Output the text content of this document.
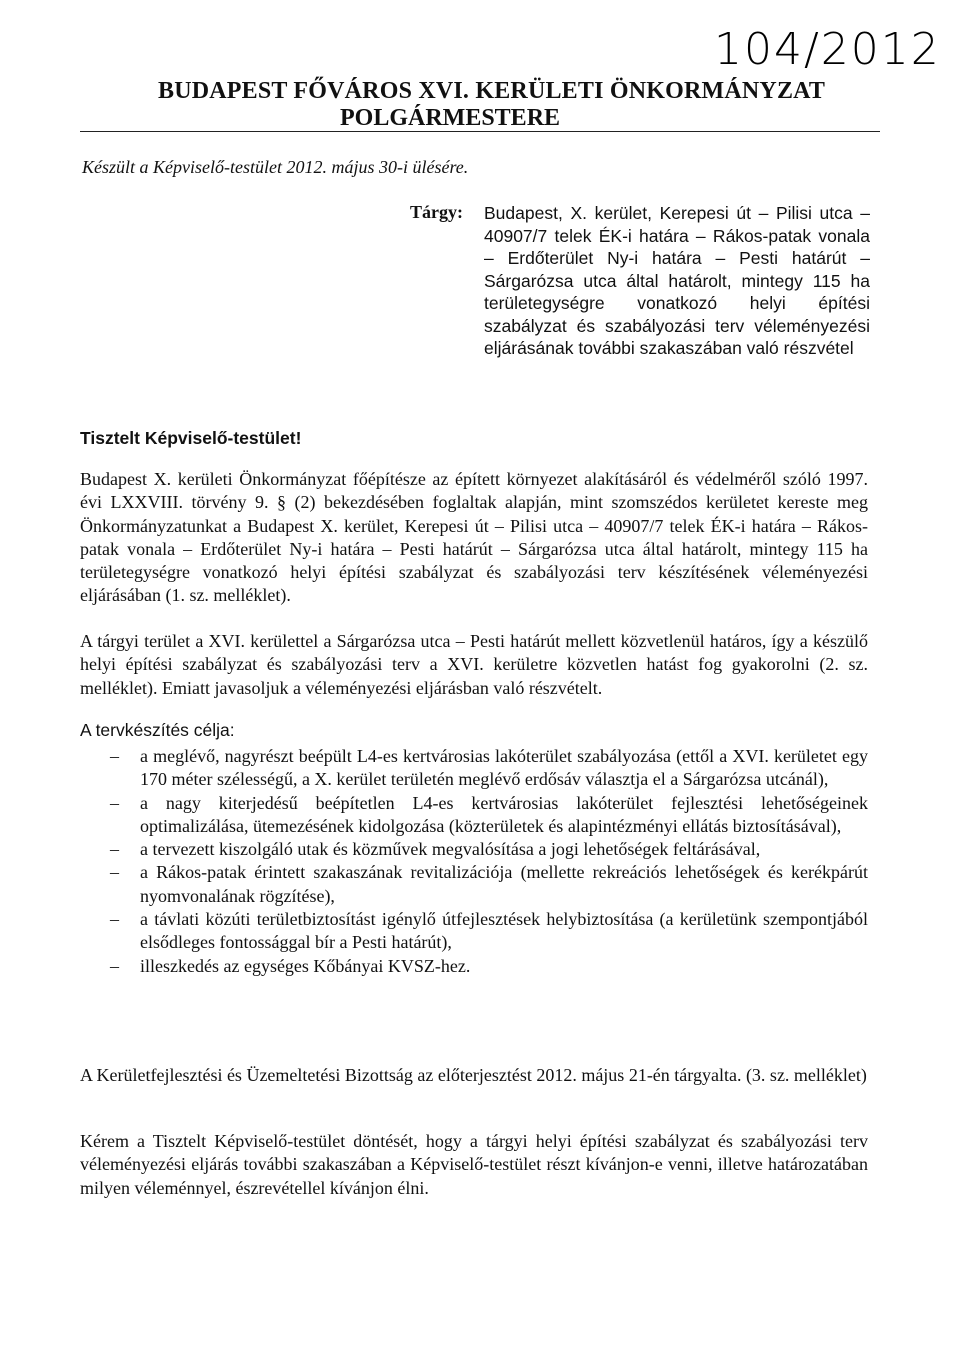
104/2012
BUDAPEST FŐVÁROS XVI. KERÜLETI ÖNKORMÁNYZAT
POLGÁRMESTERE
Készült a Képviselő-testület 2012. május 30-i ülésére.
Tárgy: Budapest, X. kerület, Kerepesi út – Pilisi utca – 40907/7 telek ÉK-i határa – Rákos-patak vonala – Erdőterület Ny-i határa – Pesti határút – Sárgarózsa utca által határolt, mintegy 115 ha területegységre vonatkozó helyi építési szabályzat és szabályozási terv véleményezési eljárásának további szakaszában való részvétel
Tisztelt Képviselő-testület!

Budapest X. kerületi Önkormányzat főépítésze az épített környezet alakításáról és védelméről szóló 1997. évi LXXVIII. törvény 9. § (2) bekezdésében foglaltak alapján, mint szomszédos kerületet kereste meg Önkormányzatunkat a Budapest X. kerület, Kerepesi út – Pilisi utca – 40907/7 telek ÉK-i határa – Rákos-patak vonala – Erdőterület Ny-i határa – Pesti határút – Sárgarózsa utca által határolt, mintegy 115 ha területegységre vonatkozó helyi építési szabályzat és szabályozási terv készítésének véleményezési eljárásában (1. sz. melléklet).

A tárgyi terület a XVI. kerülettel a Sárgarózsa utca – Pesti határút mellett közvetlenül határos, így a készülő helyi építési szabályzat és szabályozási terv a XVI. kerületre közvetlen hatást fog gyakorolni (2. sz. melléklet). Emiatt javasoljuk a véleményezési eljárásban való részvételt.

A tervkészítés célja:
– a meglévő, nagyrészt beépült L4-es kertvárosias lakóterület szabályozása (ettől a XVI. kerületet egy 170 méter szélességű, a X. kerület területén meglévő erdősáv választja el a Sárgarózsa utcánál),
– a nagy kiterjedésű beépítetlen L4-es kertvárosias lakóterület fejlesztési lehetőségeinek optimalizálása, ütemezésének kidolgozása (közterületek és alapintézményi ellátás biztosításával),
– a tervezett kiszolgáló utak és közművek megvalósítása a jogi lehetőségek feltárásával,
– a Rákos-patak érintett szakaszának revitalizációja (mellette rekreációs lehetőségek és kerékpárút nyomvonalának rögzítése),
– a távlati közúti területbiztosítást igénylő útfejlesztések helybiztosítása (a kerületünk szempontjából elsődleges fontossággal bír a Pesti határút),
– illeszkedés az egységes Kőbányai KVSZ-hez.

A Kerületfejlesztési és Üzemeltetési Bizottság az előterjesztést 2012. május 21-én tárgyalta. (3. sz. melléklet)

Kérem a Tisztelt Képviselő-testület döntését, hogy a tárgyi helyi építési szabályzat és szabályozási terv véleményezési eljárás további szakaszában a Képviselő-testület részt kívánjon-e venni, illetve határozatában milyen véleménnyel, észrevétellel kívánjon élni.
